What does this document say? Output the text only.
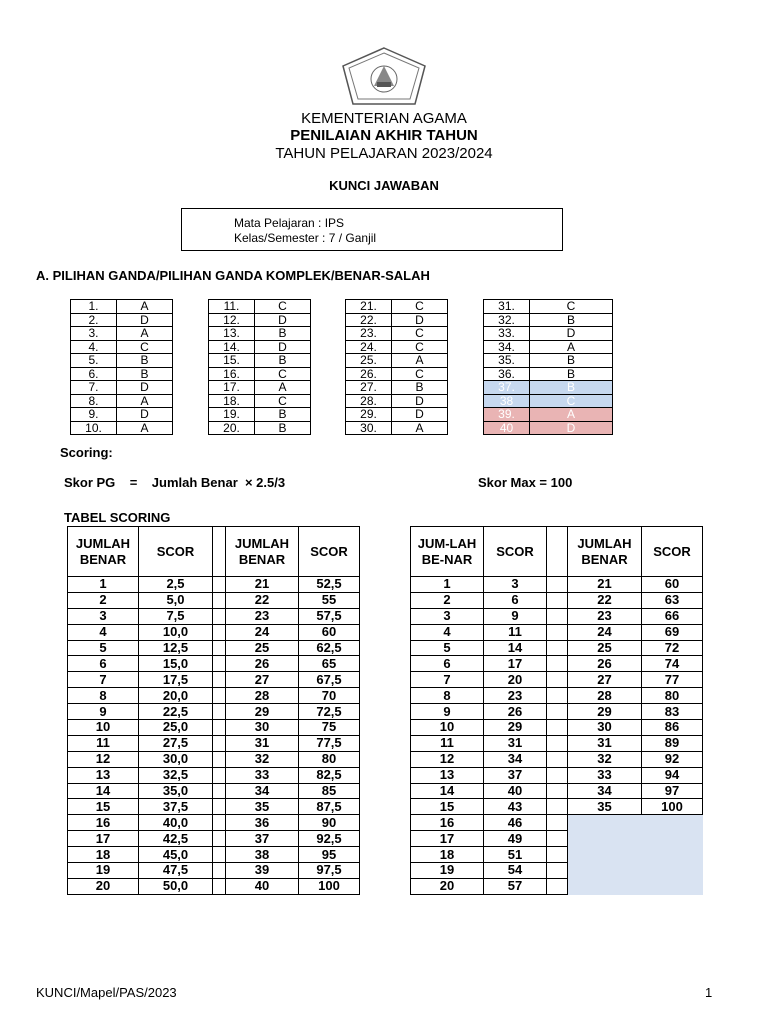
KEMENTERIAN AGAMA
PENILAIAN AKHIR TAHUN
TAHUN PELAJARAN 2023/2024
KUNCI JAWABAN
Mata Pelajaran : IPS
Kelas/Semester : 7 / Ganjil
A. PILIHAN GANDA/PILIHAN GANDA KOMPLEK/BENAR-SALAH
1.	A
2.	D
3.	A
4.	C
5.	B
6.	B
7.	D
8.	A
9.	D
10.	A
11.	C
12.	D
13.	B
14.	D
15.	B
16.	C
17.	A
18.	C
19.	B
20.	B
21.	C
22.	D
23.	C
24.	C
25.	A
26.	C
27.	B
28.	D
29.	D
30.	A
31.	C
32.	B
33.	D
34.	A
35.	B
36.	B
37.	B
38	C
39.	A
40	D
Scoring:
Skor PG    =    Jumlah Benar  × 2.5/3	Skor Max = 100
TABEL SCORING
JUMLAH BENAR	SCOR		JUMLAH BENAR	SCOR
1	2,5		21	52,5
2	5,0		22	55
3	7,5		23	57,5
4	10,0		24	60
5	12,5		25	62,5
6	15,0		26	65
7	17,5		27	67,5
8	20,0		28	70
9	22,5		29	72,5
10	25,0		30	75
11	27,5		31	77,5
12	30,0		32	80
13	32,5		33	82,5
14	35,0		34	85
15	37,5		35	87,5
16	40,0		36	90
17	42,5		37	92,5
18	45,0		38	95
19	47,5		39	97,5
20	50,0		40	100
JUM-LAH BE-NAR	SCOR		JUMLAH BENAR	SCOR
1	3		21	60
2	6		22	63
3	9		23	66
4	11		24	69
5	14		25	72
6	17		26	74
7	20		27	77
8	23		28	80
9	26		29	83
10	29		30	86
11	31		31	89
12	34		32	92
13	37		33	94
14	40		34	97
15	43		35	100
16	46			
17	49			
18	51			
19	54			
20	57			
KUNCI/Mapel/PAS/2023	1
